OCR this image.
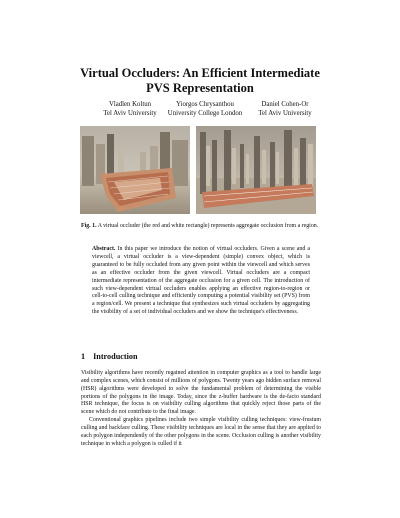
Virtual Occluders: An Efficient Intermediate
PVS Representation
Vladlen Koltun
Tel Aviv University
Yiorgos Chrysanthou
University College London
Daniel Cohen-Or
Tel Aviv University
Fig. 1. A virtual occluder (the red and white rectangle) represents aggregate occlusion from a region.
Abstract. In this paper we introduce the notion of virtual occluders. Given a scene and a viewcell, a virtual occluder is a view-dependent (simple) convex object, which is guaranteed to be fully occluded from any given point within the viewcell and which serves as an effective occluder from the given viewcell. Virtual occluders are a compact intermediate representation of the aggregate occlusion for a given cell. The introduction of such view-dependent virtual occluders enables applying an effective region-to-region or cell-to-cell culling technique and efficiently computing a potential visibility set (PVS) from a region/cell. We present a technique that synthesizes such virtual occluders by aggregating the visibility of a set of individual occluders and we show the technique's effectiveness.
1 Introduction

Visibility algorithms have recently regained attention in computer graphics as a tool to handle large and complex scenes, which consist of millions of polygons. Twenty years ago hidden surface removal (HSR) algorithms were developed to solve the fundamental problem of determining the visible portions of the polygons in the image. Today, since the z-buffer hardware is the de-facto standard HSR technique, the focus is on visibility culling algorithms that quickly reject those parts of the scene which do not contribute to the final image.

Conventional graphics pipelines include two simple visibility culling techniques: view-frustum culling and backface culling. These visibility techniques are local in the sense that they are applied to each polygon independently of the other polygons in the scene. Occlusion culling is another visibility technique in which a polygon is culled if it
